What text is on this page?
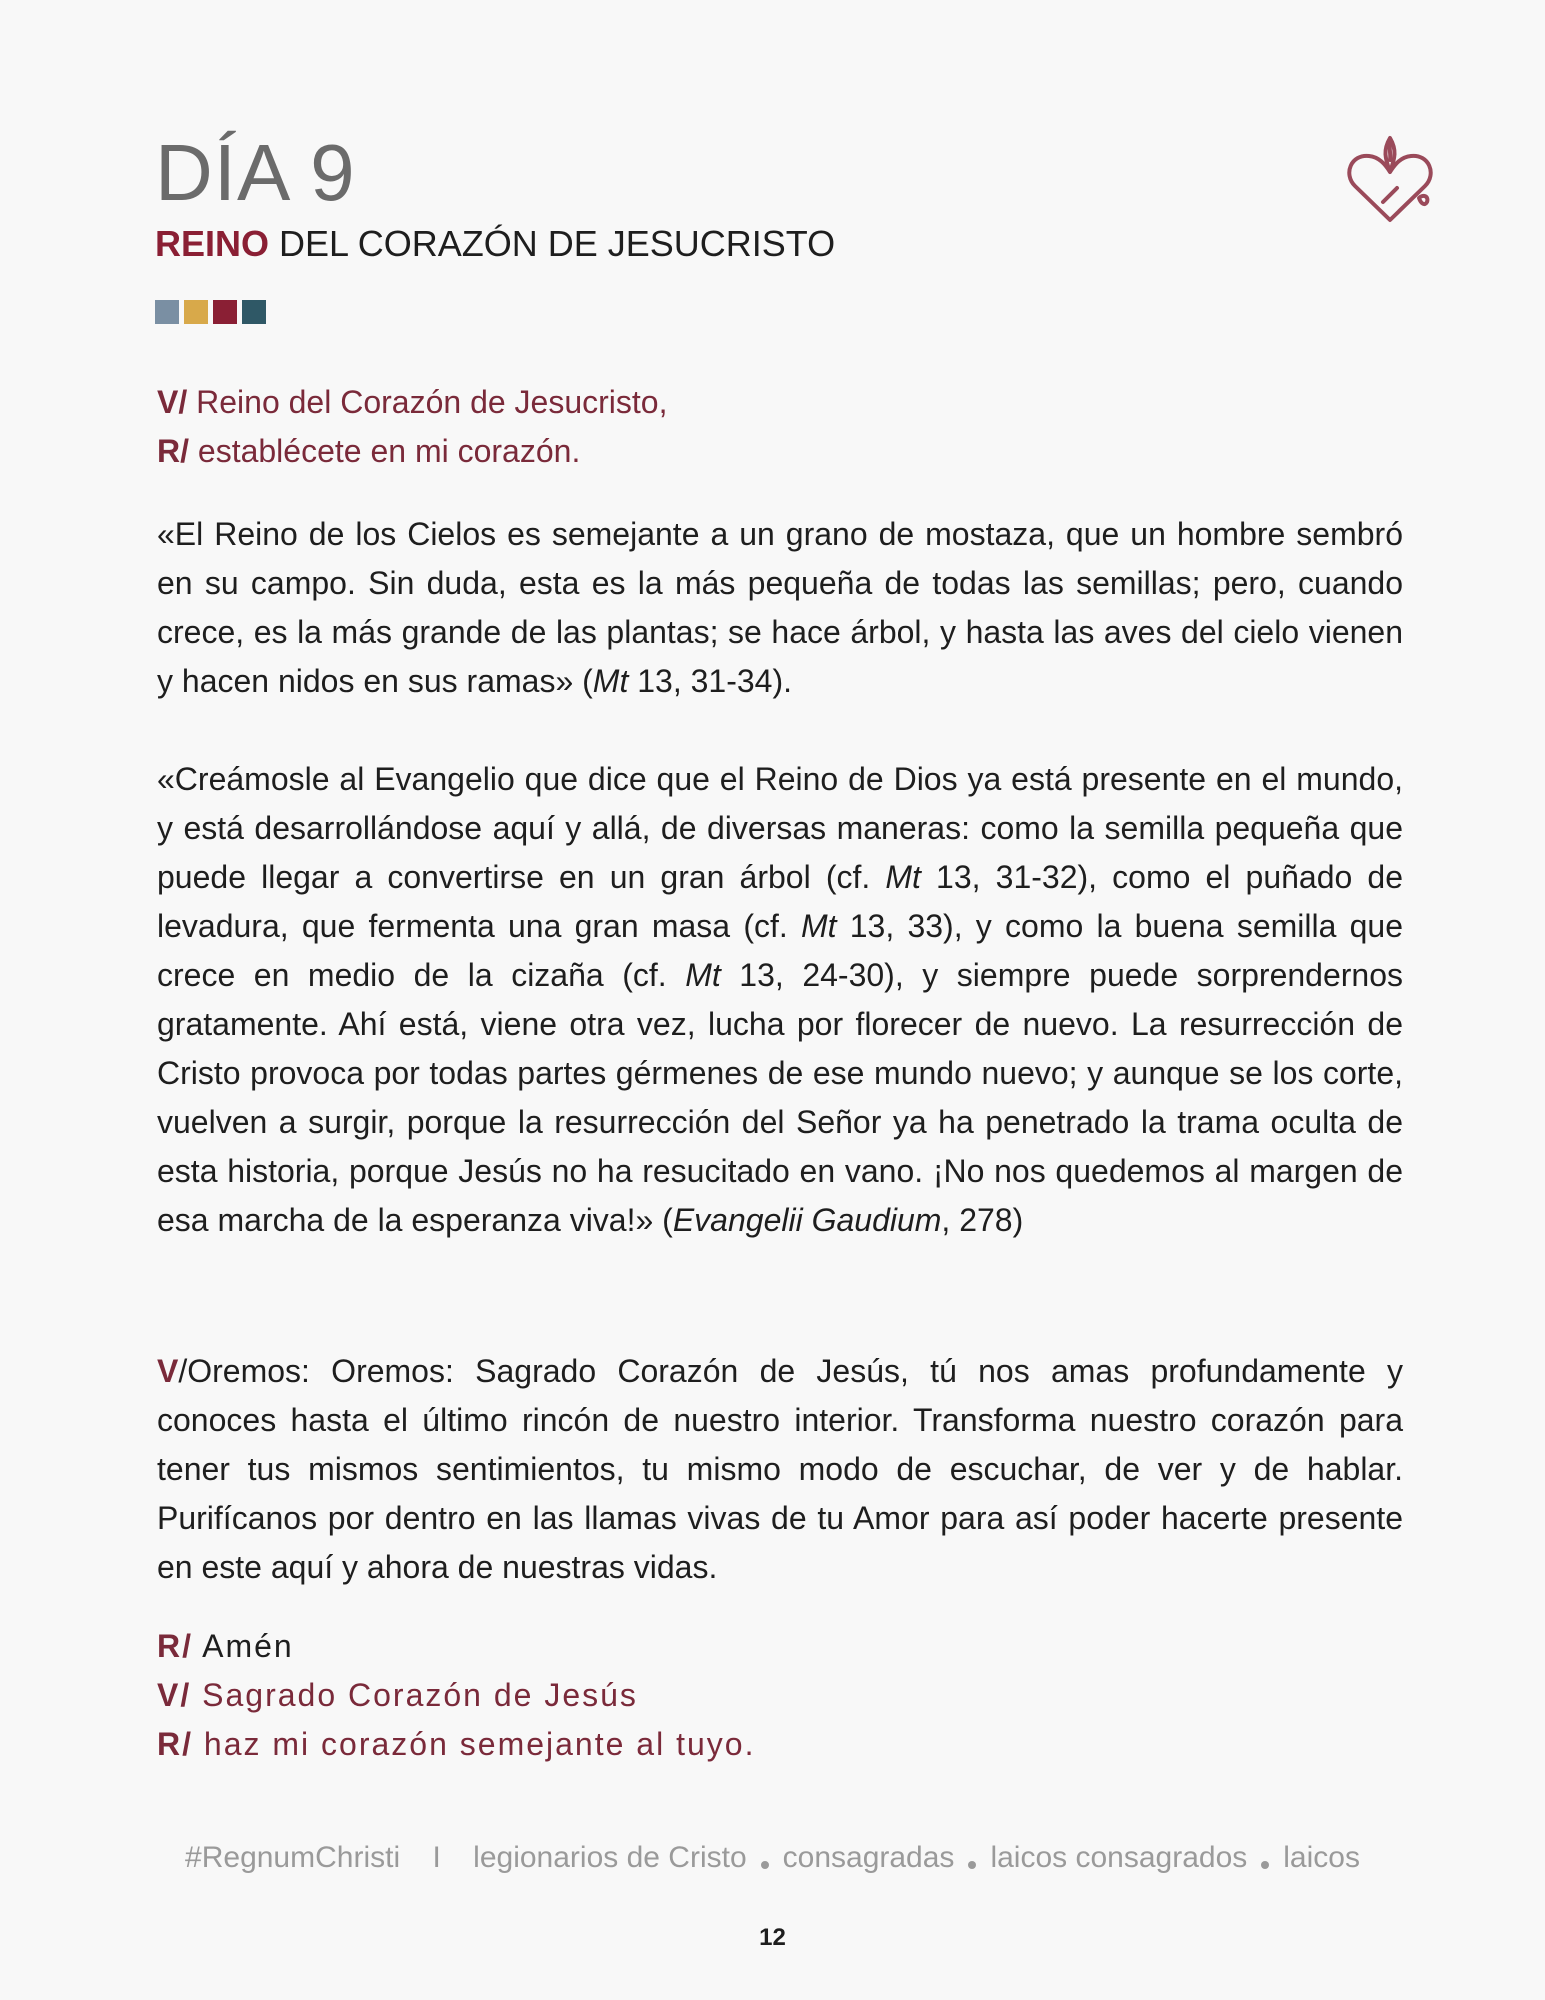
DÍA 9
REINO DEL CORAZÓN DE JESUCRISTO
V/ Reino del Corazón de Jesucristo,
R/ establécete en mi corazón.
«El Reino de los Cielos es semejante a un grano de mostaza, que un hombre sembró en su campo. Sin duda, esta es la más pequeña de todas las semillas; pero, cuando crece, es la más grande de las plantas; se hace árbol, y hasta las aves del cielo vienen y hacen nidos en sus ramas» (Mt 13, 31-34).
«Creámosle al Evangelio que dice que el Reino de Dios ya está presente en el mundo, y está desarrollándose aquí y allá, de diversas maneras: como la semilla pequeña que puede llegar a convertirse en un gran árbol (cf. Mt 13, 31-32), como el puñado de levadura, que fermenta una gran masa (cf. Mt 13, 33), y como la buena semilla que crece en medio de la cizaña (cf. Mt 13, 24-30), y siempre puede sorprendernos gratamente. Ahí está, viene otra vez, lucha por florecer de nuevo. La resurrección de Cristo provoca por todas partes gérmenes de ese mundo nuevo; y aunque se los corte, vuelven a surgir, porque la resurrección del Señor ya ha penetrado la trama oculta de esta historia, porque Jesús no ha resucitado en vano. ¡No nos quedemos al margen de esa marcha de la esperanza viva!» (Evangelii Gaudium, 278)
V/Oremos: Oremos: Sagrado Corazón de Jesús, tú nos amas profundamente y conoces hasta el último rincón de nuestro interior. Transforma nuestro corazón para tener tus mismos sentimientos, tu mismo modo de escuchar, de ver y de hablar. Purifícanos por dentro en las llamas vivas de tu Amor para así poder hacerte presente en este aquí y ahora de nuestras vidas.
R/ Amén
V/ Sagrado Corazón de Jesús
R/ haz mi corazón semejante al tuyo.
#RegnumChristi I legionarios de Cristo consagradas laicos consagrados laicos
12
